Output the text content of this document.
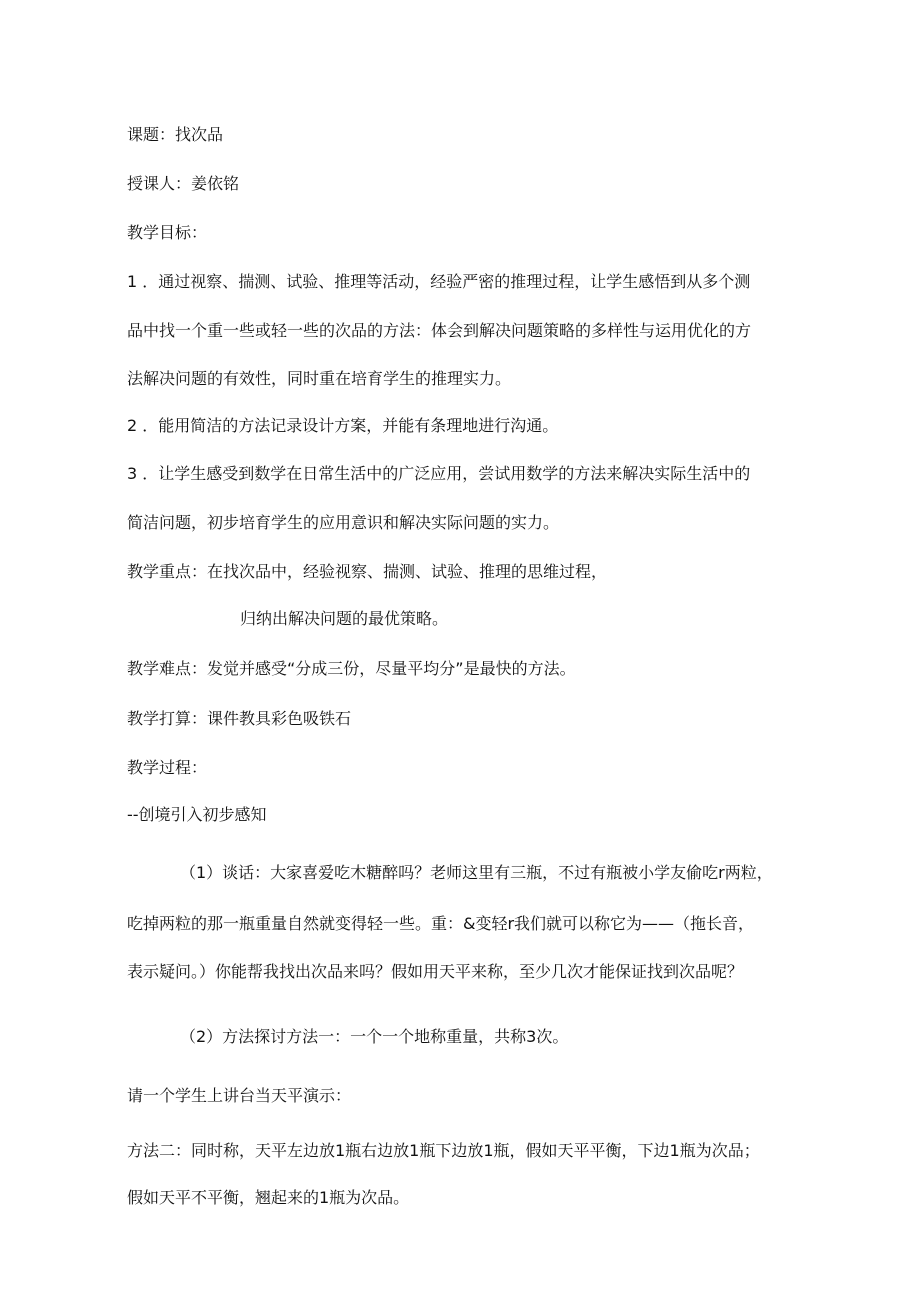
课题：找次品
授课人：姜依铭
教学目标：
1 ．通过视察、揣测、试验、推理等活动，经验严密的推理过程，让学生感悟到从多个测
品中找一个重一些或轻一些的次品的方法：体会到解决问题策略的多样性与运用优化的方
法解决问题的有效性，同时重在培育学生的推理实力。
2 ．能用简洁的方法记录设计方案，并能有条理地进行沟通。
3 ．让学生感受到数学在日常生活中的广泛应用，尝试用数学的方法来解决实际生活中的
简洁问题，初步培育学生的应用意识和解决实际问题的实力。
教学重点：在找次品中，经验视察、揣测、试验、推理的思维过程，
归纳出解决问题的最优策略。
教学难点：发觉并感受“分成三份，尽量平均分”是最快的方法。
教学打算：课件教具彩色吸铁石
教学过程：
--创境引入初步感知
（1）谈话：大家喜爱吃木糖醉吗？老师这里有三瓶，不过有瓶被小学友偷吃r两粒，
吃掉两粒的那一瓶重量自然就变得轻一些。重：&变轻r我们就可以称它为——（拖长音，
表示疑问。）你能帮我找出次品来吗？假如用天平来称，至少几次才能保证找到次品呢？
（2）方法探讨方法一：一个一个地称重量，共称3次。
请一个学生上讲台当天平演示：
方法二：同时称，天平左边放1瓶右边放1瓶下边放1瓶，假如天平平衡，下边1瓶为次品；
假如天平不平衡，翘起来的1瓶为次品。
